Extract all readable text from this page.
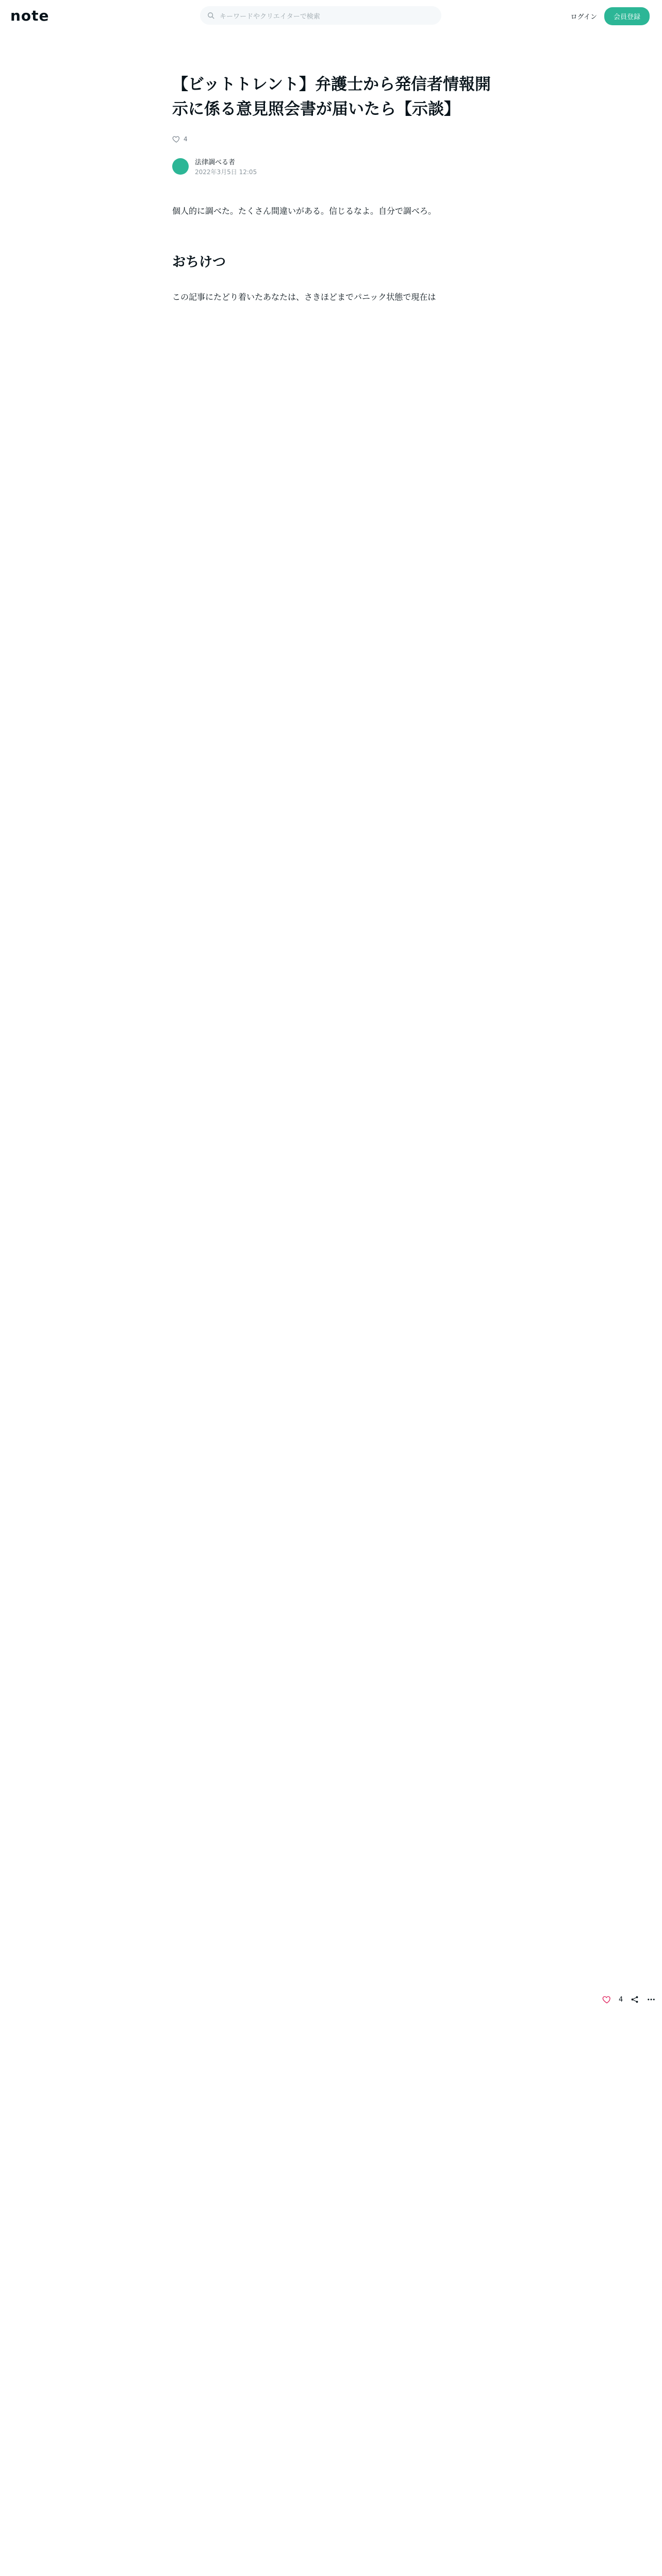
note	キーワードやクリエイターで検索	ログイン	会員登録
【ビットトレント】弁護士から発信者情報開示に係る意見照会書が届いたら【示談】
4
法律調べる者
2022年3月5日 12:05

個人的に調べた。たくさん間違いがある。信じるなよ。自分で調べろ。

おちけつ

この記事にたどり着いたあなたは、さきほどまでパニック状態で現在は

4
